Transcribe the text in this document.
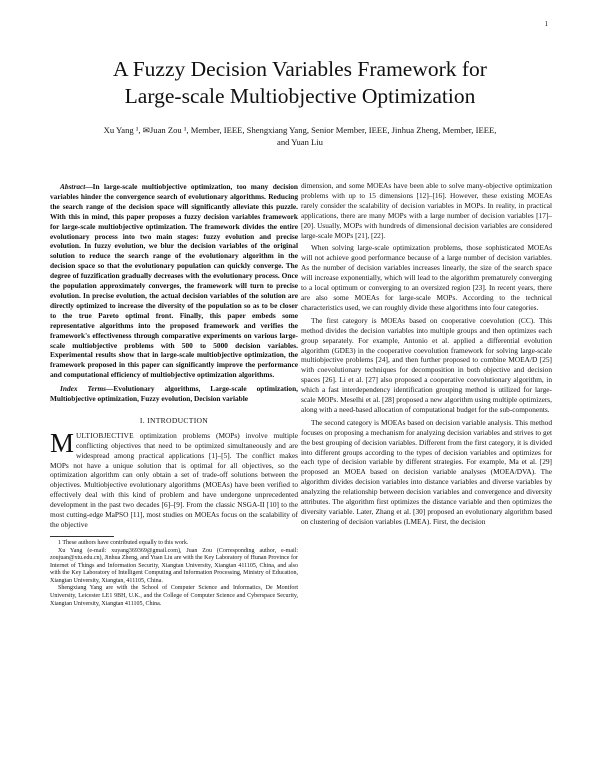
1
A Fuzzy Decision Variables Framework for
Large-scale Multiobjective Optimization
Xu Yang ¹, ✉Juan Zou ¹, Member, IEEE, Shengxiang Yang, Senior Member, IEEE, Jinhua Zheng, Member, IEEE,
and Yuan Liu

Abstract—In large-scale multiobjective optimization, too many decision variables hinder the convergence search of evolutionary algorithms. Reducing the search range of the decision space will significantly alleviate this puzzle. With this in mind, this paper proposes a fuzzy decision variables framework for large-scale multiobjective optimization. The framework divides the entire evolutionary process into two main stages: fuzzy evolution and precise evolution. In fuzzy evolution, we blur the decision variables of the original solution to reduce the search range of the evolutionary algorithm in the decision space so that the evolutionary population can quickly converge. The degree of fuzzification gradually decreases with the evolutionary process. Once the population approximately converges, the framework will turn to precise evolution. In precise evolution, the actual decision variables of the solution are directly optimized to increase the diversity of the population so as to be closer to the true Pareto optimal front. Finally, this paper embeds some representative algorithms into the proposed framework and verifies the framework's effectiveness through comparative experiments on various large-scale multiobjective problems with 500 to 5000 decision variables. Experimental results show that in large-scale multiobjective optimization, the framework proposed in this paper can significantly improve the performance and computational efficiency of multiobjective optimization algorithms.

Index Terms—Evolutionary algorithms, Large-scale optimization, Multiobjective optimization, Fuzzy evolution, Decision variable

I. INTRODUCTION

MULTIOBJECTIVE optimization problems (MOPs) involve multiple conflicting objectives that need to be optimized simultaneously and are widespread among practical applications [1]–[5]. The conflict makes MOPs not have a unique solution that is optimal for all objectives, so the optimization algorithm can only obtain a set of trade-off solutions between the objectives. Multiobjective evolutionary algorithms (MOEAs) have been verified to effectively deal with this kind of problem and have undergone unprecedented development in the past two decades [6]–[9]. From the classic NSGA-II [10] to the most cutting-edge MaPSO [11], most studies on MOEAs focus on the scalability of the objective

1 These authors have contributed equally to this work.

Xu Yang (e-mail: xuyang369369@gmail.com), Juan Zou (Corresponding author, e-mail: zoujuan@xtu.edu.cn), Jinhua Zheng, and Yuan Liu are with the Key Laboratory of Hunan Province for Internet of Things and Information Security, Xiangtan University, Xiangtan 411105, China, and also with the Key Laboratory of Intelligent Computing and Information Processing, Ministry of Education, Xiangtan University, Xiangtan, 411105, China.

Shengxiang Yang are with the School of Computer Science and Informatics, De Montfort University, Leicester LE1 9BH, U.K., and the College of Computer Science and Cyberspace Security, Xiangtan University, Xiangtan 411105, China.

dimension, and some MOEAs have been able to solve many-objective optimization problems with up to 15 dimensions [12]–[16]. However, these existing MOEAs rarely consider the scalability of decision variables in MOPs. In reality, in practical applications, there are many MOPs with a large number of decision variables [17]–[20]. Usually, MOPs with hundreds of dimensional decision variables are considered large-scale MOPs [21], [22].

When solving large-scale optimization problems, those sophisticated MOEAs will not achieve good performance because of a large number of decision variables. As the number of decision variables increases linearly, the size of the search space will increase exponentially, which will lead to the algorithm prematurely converging to a local optimum or converging to an oversized region [23]. In recent years, there are also some MOEAs for large-scale MOPs. According to the technical characteristics used, we can roughly divide these algorithms into four categories.

The first category is MOEAs based on cooperative coevolution (CC). This method divides the decision variables into multiple groups and then optimizes each group separately. For example, Antonio et al. applied a differential evolution algorithm (GDE3) in the cooperative coevolution framework for solving large-scale multiobjective problems [24], and then further proposed to combine MOEA/D [25] with coevolutionary techniques for decomposition in both objective and decision spaces [26]. Li et al. [27] also proposed a cooperative coevolutionary algorithm, in which a fast interdependency identification grouping method is utilized for large-scale MOPs. Meselhi et al. [28] proposed a new algorithm using multiple optimizers, along with a need-based allocation of computational budget for the sub-components.

The second category is MOEAs based on decision variable analysis. This method focuses on proposing a mechanism for analyzing decision variables and strives to get the best grouping of decision variables. Different from the first category, it is divided into different groups according to the types of decision variables and optimizes for each type of decision variable by different strategies. For example, Ma et al. [29] proposed an MOEA based on decision variable analyses (MOEA/DVA). The algorithm divides decision variables into distance variables and diverse variables by analyzing the relationship between decision variables and convergence and diversity attributes. The algorithm first optimizes the distance variable and then optimizes the diversity variable. Later, Zhang et al. [30] proposed an evolutionary algorithm based on clustering of decision variables (LMEA). First, the decision
